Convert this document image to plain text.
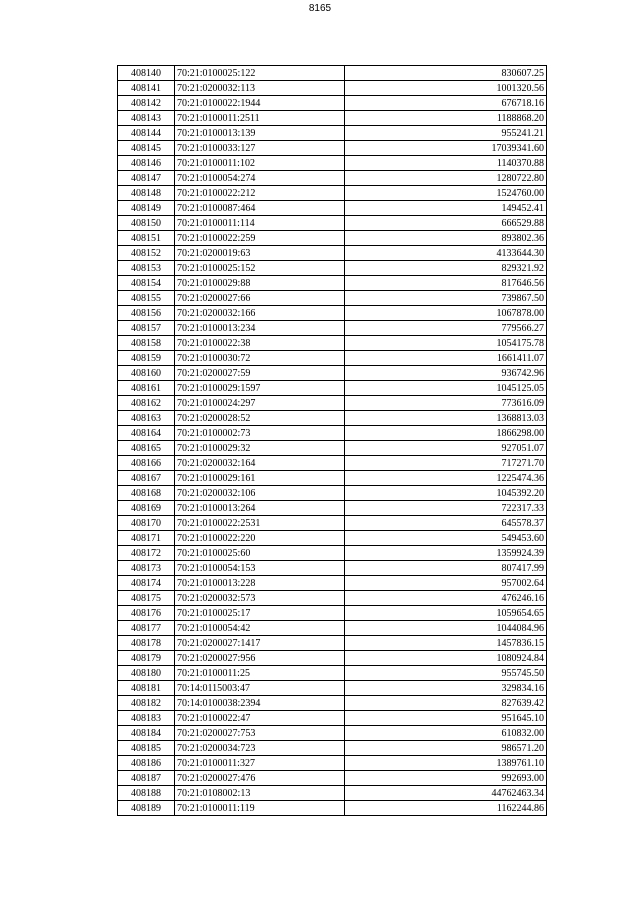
8165
408140	70:21:0100025:122	830607.25
408141	70:21:0200032:113	1001320.56
408142	70:21:0100022:1944	676718.16
408143	70:21:0100011:2511	1188868.20
408144	70:21:0100013:139	955241.21
408145	70:21:0100033:127	17039341.60
408146	70:21:0100011:102	1140370.88
408147	70:21:0100054:274	1280722.80
408148	70:21:0100022:212	1524760.00
408149	70:21:0100087:464	149452.41
408150	70:21:0100011:114	666529.88
408151	70:21:0100022:259	893802.36
408152	70:21:0200019:63	4133644.30
408153	70:21:0100025:152	829321.92
408154	70:21:0100029:88	817646.56
408155	70:21:0200027:66	739867.50
408156	70:21:0200032:166	1067878.00
408157	70:21:0100013:234	779566.27
408158	70:21:0100022:38	1054175.78
408159	70:21:0100030:72	1661411.07
408160	70:21:0200027:59	936742.96
408161	70:21:0100029:1597	1045125.05
408162	70:21:0100024:297	773616.09
408163	70:21:0200028:52	1368813.03
408164	70:21:0100002:73	1866298.00
408165	70:21:0100029:32	927051.07
408166	70:21:0200032:164	717271.70
408167	70:21:0100029:161	1225474.36
408168	70:21:0200032:106	1045392.20
408169	70:21:0100013:264	722317.33
408170	70:21:0100022:2531	645578.37
408171	70:21:0100022:220	549453.60
408172	70:21:0100025:60	1359924.39
408173	70:21:0100054:153	807417.99
408174	70:21:0100013:228	957002.64
408175	70:21:0200032:573	476246.16
408176	70:21:0100025:17	1059654.65
408177	70:21:0100054:42	1044084.96
408178	70:21:0200027:1417	1457836.15
408179	70:21:0200027:956	1080924.84
408180	70:21:0100011:25	955745.50
408181	70:14:0115003:47	329834.16
408182	70:14:0100038:2394	827639.42
408183	70:21:0100022:47	951645.10
408184	70:21:0200027:753	610832.00
408185	70:21:0200034:723	986571.20
408186	70:21:0100011:327	1389761.10
408187	70:21:0200027:476	992693.00
408188	70:21:0108002:13	44762463.34
408189	70:21:0100011:119	1162244.86
